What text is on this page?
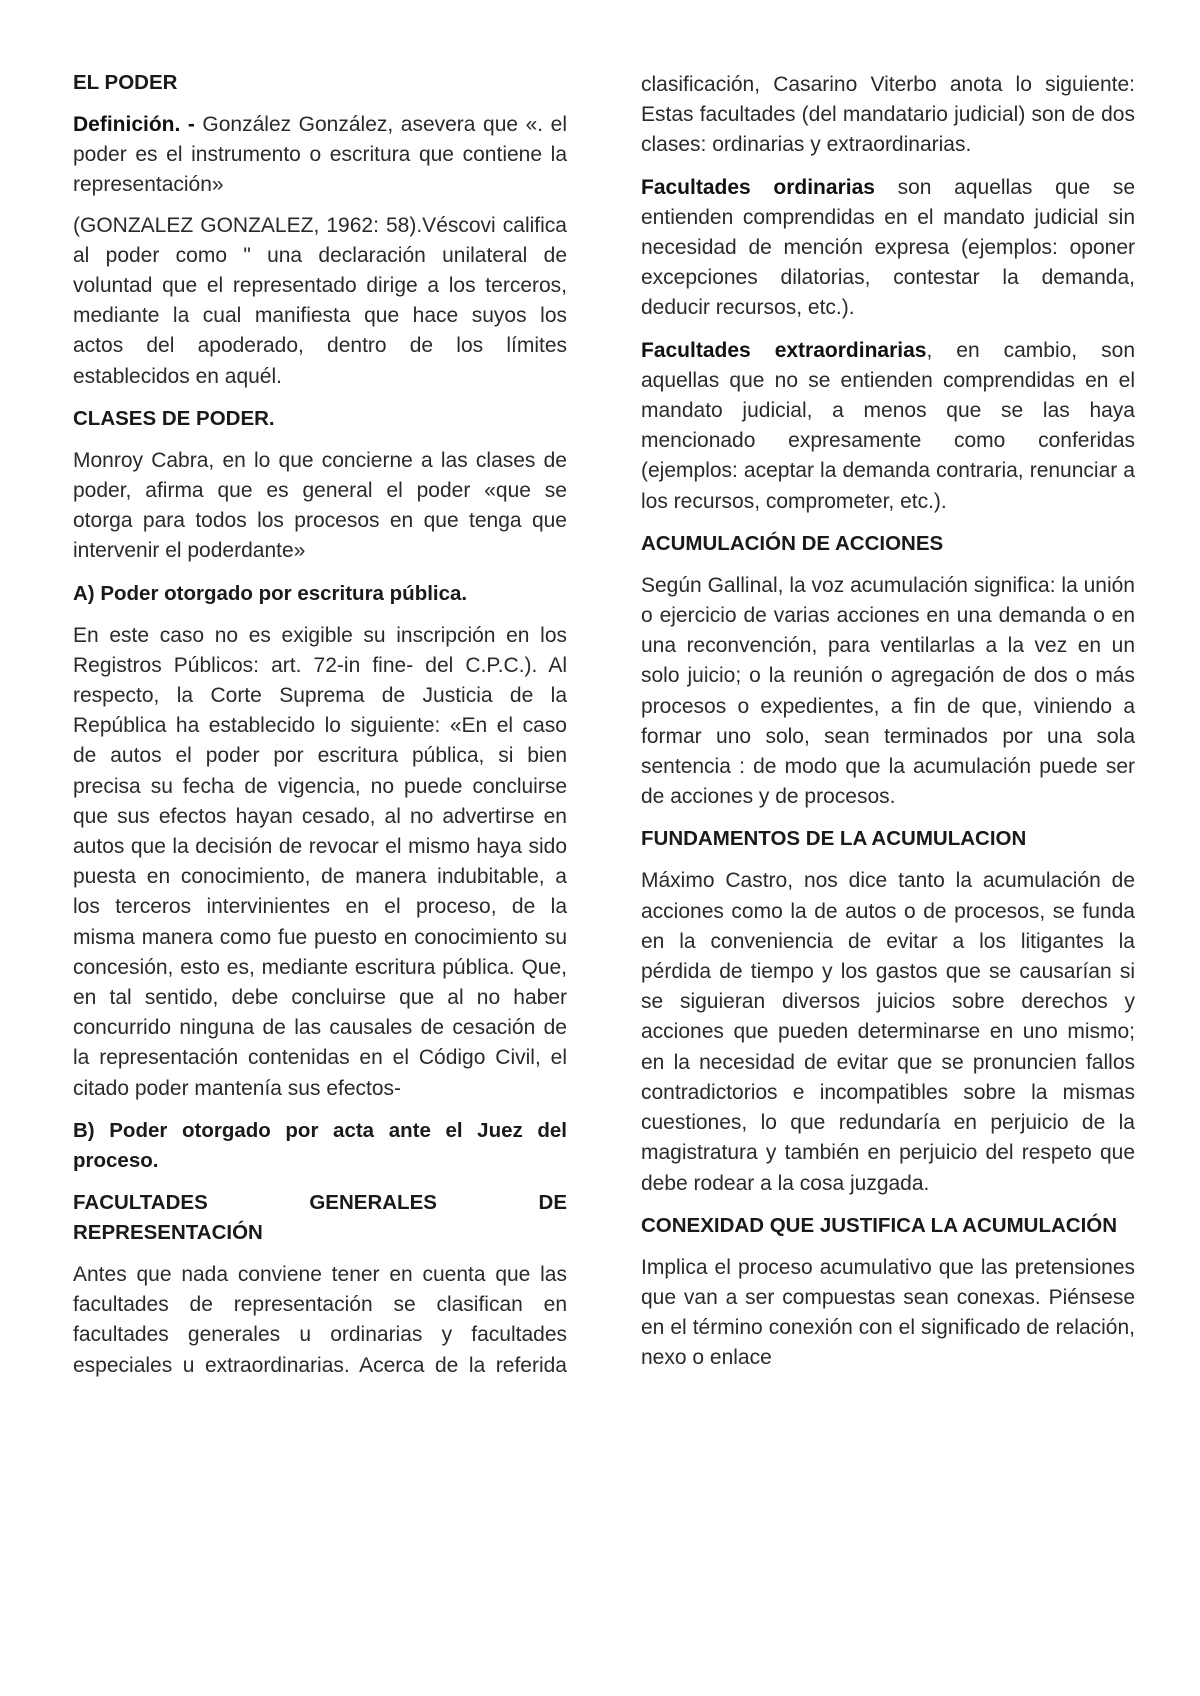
EL PODER

Definición. - González González, asevera que «. el poder es el instrumento o escritura que contiene la representación»

(GONZALEZ GONZALEZ, 1962: 58).Véscovi califica al poder como " una declaración unilateral de voluntad que el representado dirige a los terceros, mediante la cual manifiesta que hace suyos los actos del apoderado, dentro de los límites establecidos en aquél.

CLASES DE PODER.

Monroy Cabra, en lo que concierne a las clases de poder, afirma que es general el poder «que se otorga para todos los procesos en que tenga que intervenir el poderdante»

A) Poder otorgado por escritura pública.

En este caso no es exigible su inscripción en los Registros Públicos: art. 72-in fine- del C.P.C.). Al respecto, la Corte Suprema de Justicia de la República ha establecido lo siguiente: «En el caso de autos el poder por escritura pública, si bien precisa su fecha de vigencia, no puede concluirse que sus efectos hayan cesado, al no advertirse en autos que la decisión de revocar el mismo haya sido puesta en conocimiento, de manera indubitable, a los terceros intervinientes en el proceso, de la misma manera como fue puesto en conocimiento su concesión, esto es, mediante escritura pública. Que, en tal sentido, debe concluirse que al no haber concurrido ninguna de las causales de cesación de la representación contenidas en el Código Civil, el citado poder mantenía sus efectos-

B) Poder otorgado por acta ante el Juez del proceso.
FACULTADES GENERALES DE REPRESENTACIÓN

Antes que nada conviene tener en cuenta que las facultades de representación se clasifican en facultades generales u ordinarias y facultades especiales u extraordinarias. Acerca de la referida

clasificación, Casarino Viterbo anota lo siguiente: Estas facultades (del mandatario judicial) son de dos clases: ordinarias y extraordinarias.

Facultades ordinarias son aquellas que se entienden comprendidas en el mandato judicial sin necesidad de mención expresa (ejemplos: oponer excepciones dilatorias, contestar la demanda, deducir recursos, etc.).

Facultades extraordinarias, en cambio, son aquellas que no se entienden comprendidas en el mandato judicial, a menos que se las haya mencionado expresamente como conferidas (ejemplos: aceptar la demanda contraria, renunciar a los recursos, comprometer, etc.).

ACUMULACIÓN DE ACCIONES

Según Gallinal, la voz acumulación significa: la unión o ejercicio de varias acciones en una demanda o en una reconvención, para ventilarlas a la vez en un solo juicio; o la reunión o agregación de dos o más procesos o expedientes, a fin de que, viniendo a formar uno solo, sean terminados por una sola sentencia : de modo que la acumulación puede ser de acciones y de procesos.

FUNDAMENTOS DE LA ACUMULACION

Máximo Castro, nos dice tanto la acumulación de acciones como la de autos o de procesos, se funda en la conveniencia de evitar a los litigantes la pérdida de tiempo y los gastos que se causarían si se siguieran diversos juicios sobre derechos y acciones que pueden determinarse en uno mismo; en la necesidad de evitar que se pronuncien fallos contradictorios e incompatibles sobre la mismas cuestiones, lo que redundaría en perjuicio de la magistratura y también en perjuicio del respeto que debe rodear a la cosa juzgada.

CONEXIDAD QUE JUSTIFICA LA ACUMULACIÓN

Implica el proceso acumulativo que las pretensiones que van a ser compuestas sean conexas. Piénsese en el término conexión con el significado de relación, nexo o enlace
